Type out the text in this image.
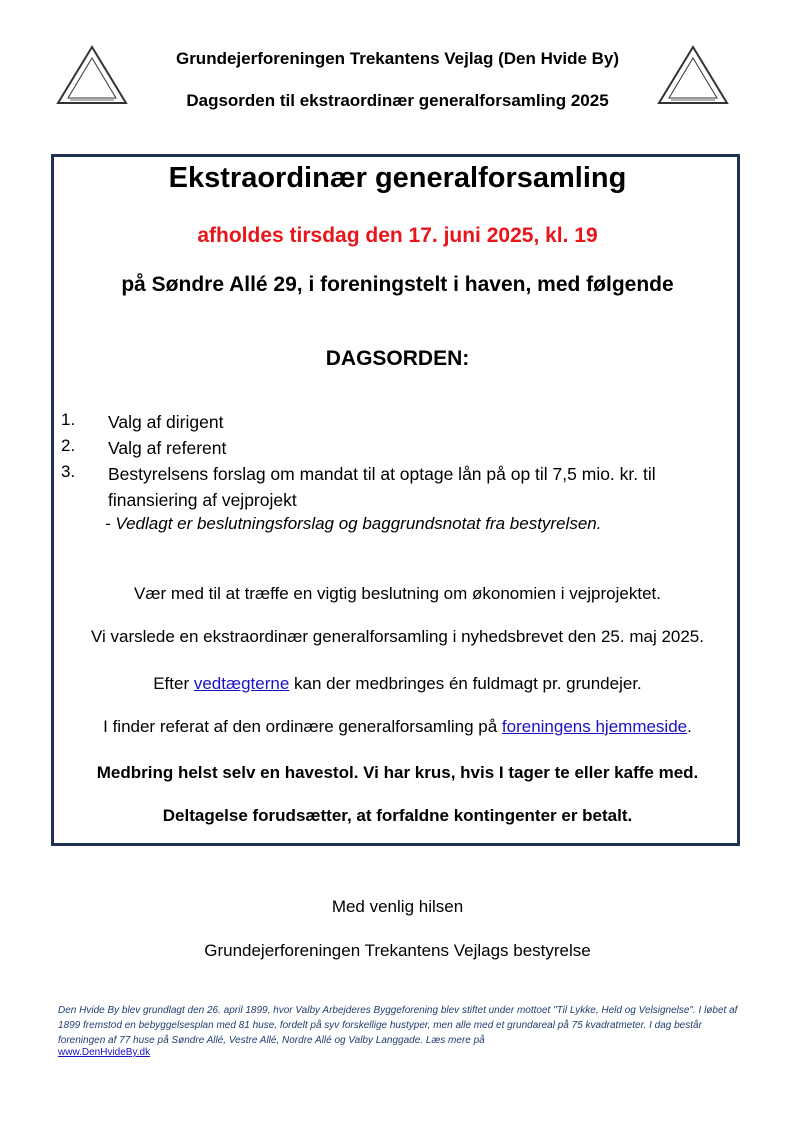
Grundejerforeningen Trekantens Vejlag (Den Hvide By)
Dagsorden til ekstraordinær generalforsamling 2025
Ekstraordinær generalforsamling
afholdes tirsdag den 17. juni 2025, kl. 19
på Søndre Allé 29, i foreningstelt i haven, med følgende
DAGSORDEN:
1. Valg af dirigent
2. Valg af referent
3. Bestyrelsens forslag om mandat til at optage lån på op til 7,5 mio. kr. til
finansiering af vejprojekt
- Vedlagt er beslutningsforslag og baggrundsnotat fra bestyrelsen.
Vær med til at træffe en vigtig beslutning om økonomien i vejprojektet.
Vi varslede en ekstraordinær generalforsamling i nyhedsbrevet den 25. maj 2025.
Efter vedtægterne kan der medbringes én fuldmagt pr. grundejer.
I finder referat af den ordinære generalforsamling på foreningens hjemmeside.
Medbring helst selv en havestol. Vi har krus, hvis I tager te eller kaffe med.
Deltagelse forudsætter, at forfaldne kontingenter er betalt.
Med venlig hilsen
Grundejerforeningen Trekantens Vejlags bestyrelse
Den Hvide By blev grundlagt den 26. april 1899, hvor Valby Arbejderes Byggeforening blev stiftet under mottoet "Til Lykke, Held og Velsignelse". I løbet af 1899 fremstod en bebyggelsesplan med 81 huse, fordelt på syv forskellige hustyper, men alle med et grundareal på 75 kvadratmeter. I dag består foreningen af 77 huse på Søndre Allé, Vestre Allé, Nordre Allé og Valby Langgade. Læs mere på
www.DenHvideBy.dk
